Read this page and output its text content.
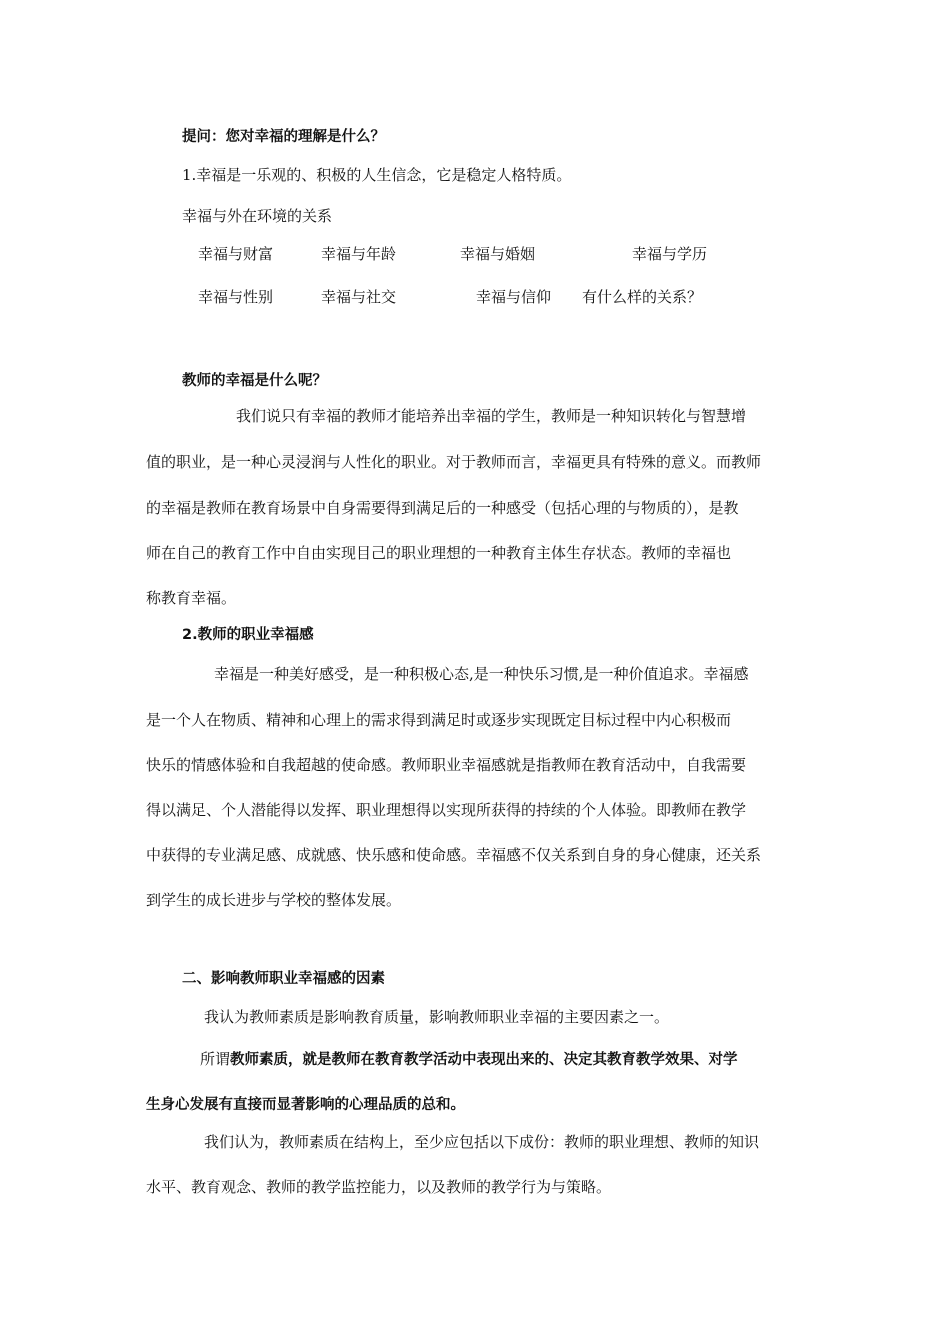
提问：您对幸福的理解是什么？
1.幸福是一乐观的、积极的人生信念，它是稳定人格特质。
幸福与外在环境的关系
幸福与财富	幸福与年龄	幸福与婚姻	幸福与学历
幸福与性别	幸福与社交	幸福与信仰 有什么样的关系？
教师的幸福是什么呢？
我们说只有幸福的教师才能培养出幸福的学生，教师是一种知识转化与智慧增
值的职业，是一种心灵浸润与人性化的职业。对于教师而言，幸福更具有特殊的意义。而教师
的幸福是教师在教育场景中自身需要得到满足后的一种感受（包括心理的与物质的），是教
师在自己的教育工作中自由实现目己的职业理想的一种教育主体生存状态。教师的幸福也
称教育幸福。
2.教师的职业幸福感
幸福是一种美好感受，是一种积极心态,是一种快乐习惯,是一种价值追求。幸福感
是一个人在物质、精神和心理上的需求得到满足时或逐步实现既定目标过程中内心积极而
快乐的情感体验和自我超越的使命感。教师职业幸福感就是指教师在教育活动中，自我需要
得以满足、个人潜能得以发挥、职业理想得以实现所获得的持续的个人体验。即教师在教学
中获得的专业满足感、成就感、快乐感和使命感。幸福感不仅关系到自身的身心健康，还关系
到学生的成长进步与学校的整体发展。
二、影响教师职业幸福感的因素
我认为教师素质是影响教育质量，影响教师职业幸福的主要因素之一。
所谓教师素质，就是教师在教育教学活动中表现出来的、决定其教育教学效果、对学
生身心发展有直接而显著影响的心理品质的总和。
我们认为，教师素质在结构上，至少应包括以下成份：教师的职业理想、教师的知识
水平、教育观念、教师的教学监控能力，以及教师的教学行为与策略。
